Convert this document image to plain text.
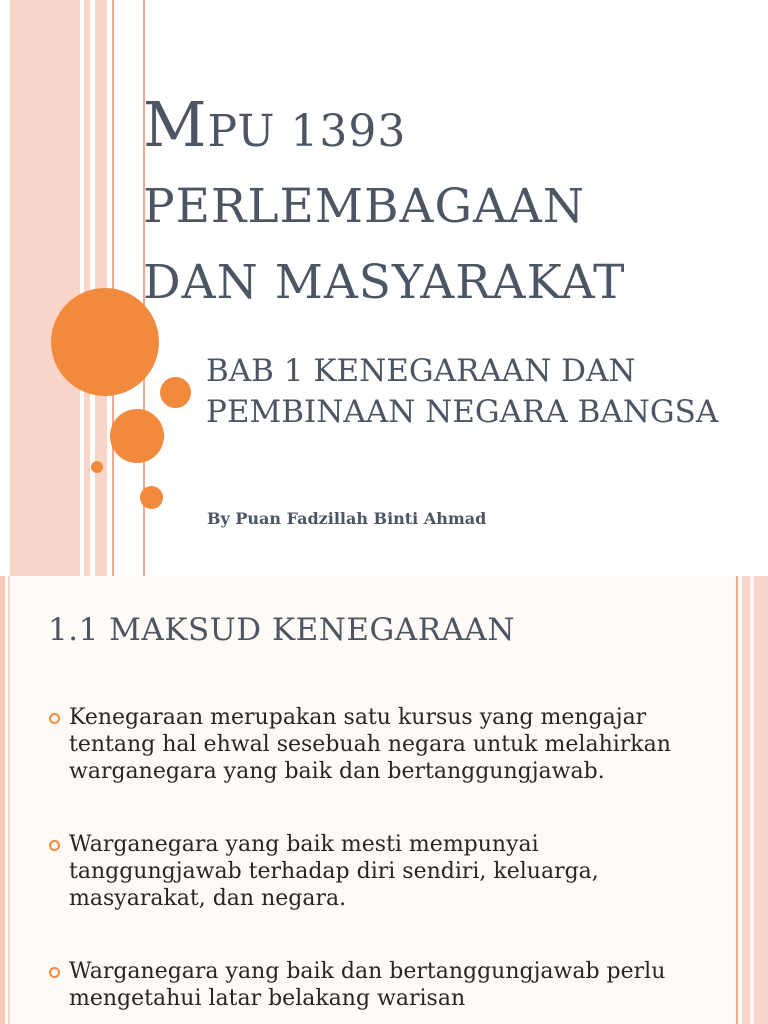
MPU 1393
PERLEMBAGAAN
DAN MASYARAKAT
BAB 1 KENEGARAAN DAN PEMBINAAN NEGARA BANGSA

By Puan Fadzillah Binti Ahmad

1.1 MAKSUD KENEGARAAN
Kenegaraan merupakan satu kursus yang mengajar tentang hal ehwal sesebuah negara untuk melahirkan warganegara yang baik dan bertanggungjawab.
Warganegara yang baik mesti mempunyai tanggungjawab terhadap diri sendiri, keluarga, masyarakat, dan negara.
Warganegara yang baik dan bertanggungjawab perlu mengetahui latar belakang warisan
